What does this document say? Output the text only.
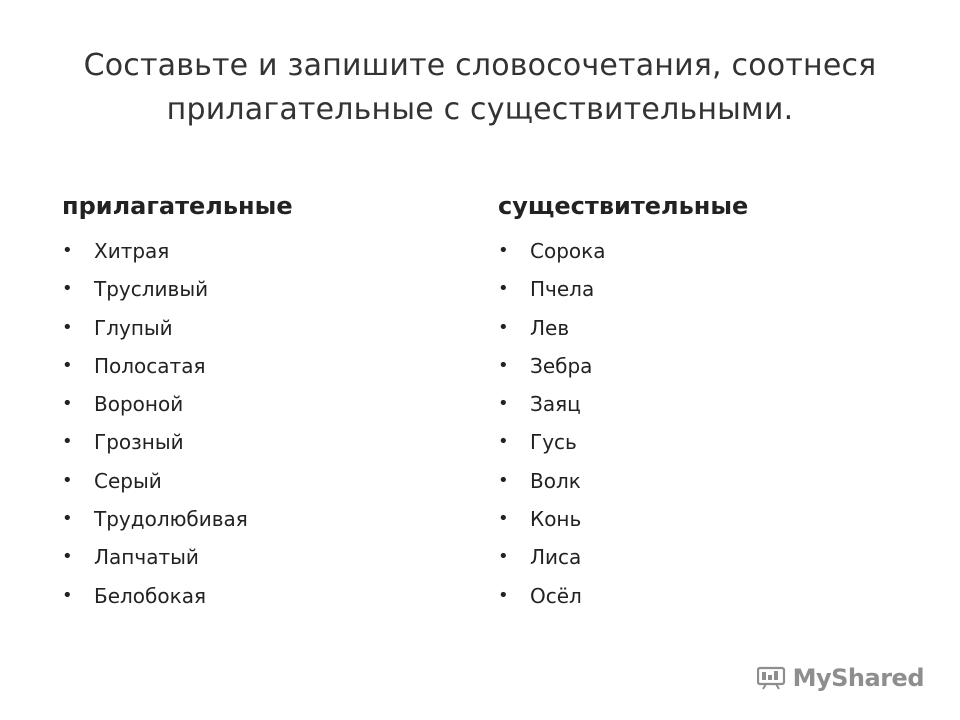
Составьте и запишите словосочетания, соотнеся прилагательные с существительными.
прилагательные
• Хитрая
• Трусливый
• Глупый
• Полосатая
• Вороной
• Грозный
• Серый
• Трудолюбивая
• Лапчатый
• Белобокая
существительные
• Сорока
• Пчела
• Лев
• Зебра
• Заяц
• Гусь
• Волк
• Конь
• Лиса
• Осёл
MyShared
